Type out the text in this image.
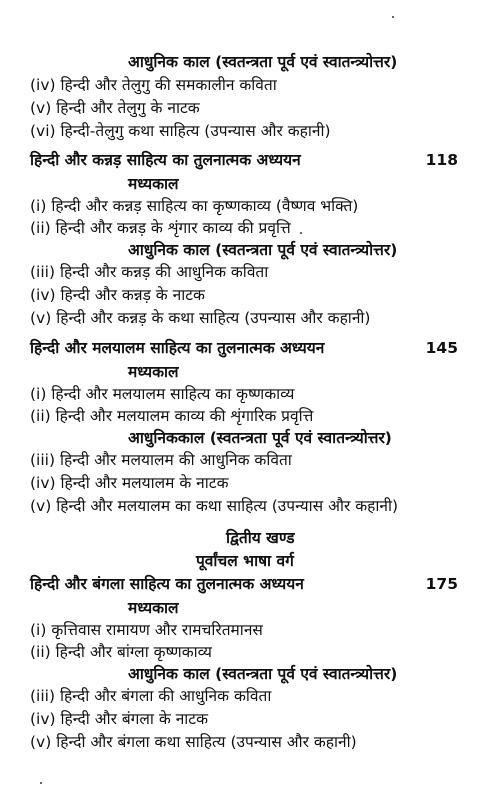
आधुनिक काल (स्वतन्त्रता पूर्व एवं स्वातन्त्र्योत्तर)
(iv) हिन्दी और तेलुगु की समकालीन कविता
(v) हिन्दी और तेलुगु के नाटक
(vi) हिन्दी-तेलुगु कथा साहित्य (उपन्यास और कहानी)
हिन्दी और कन्नड़ साहित्य का तुलनात्मक अध्ययन	118
मध्यकाल
(i) हिन्दी और कन्नड़ साहित्य का कृष्णकाव्य (वैष्णव भक्ति)
(ii) हिन्दी और कन्नड़ के शृंगार काव्य की प्रवृत्ति
आधुनिक काल (स्वतन्त्रता पूर्व एवं स्वातन्त्र्योत्तर)
(iii) हिन्दी और कन्नड़ की आधुनिक कविता
(iv) हिन्दी और कन्नड़ के नाटक
(v) हिन्दी और कन्नड़ के कथा साहित्य (उपन्यास और कहानी)
हिन्दी और मलयालम साहित्य का तुलनात्मक अध्ययन	145
मध्यकाल
(i) हिन्दी और मलयालम साहित्य का कृष्णकाव्य
(ii) हिन्दी और मलयालम काव्य की शृंगारिक प्रवृत्ति
आधुनिककाल (स्वतन्त्रता पूर्व एवं स्वातन्त्र्योत्तर)
(iii) हिन्दी और मलयालम की आधुनिक कविता
(iv) हिन्दी और मलयालम के नाटक
(v) हिन्दी और मलयालम का कथा साहित्य (उपन्यास और कहानी)
द्वितीय खण्ड
पूर्वांचल भाषा वर्ग
हिन्दी और बंगला साहित्य का तुलनात्मक अध्ययन	175
मध्यकाल
(i) कृत्तिवास रामायण और रामचरितमानस
(ii) हिन्दी और बांग्ला कृष्णकाव्य
आधुनिक काल (स्वतन्त्रता पूर्व एवं स्वातन्त्र्योत्तर)
(iii) हिन्दी और बंगला की आधुनिक कविता
(iv) हिन्दी और बंगला के नाटक
(v) हिन्दी और बंगला कथा साहित्य (उपन्यास और कहानी)
